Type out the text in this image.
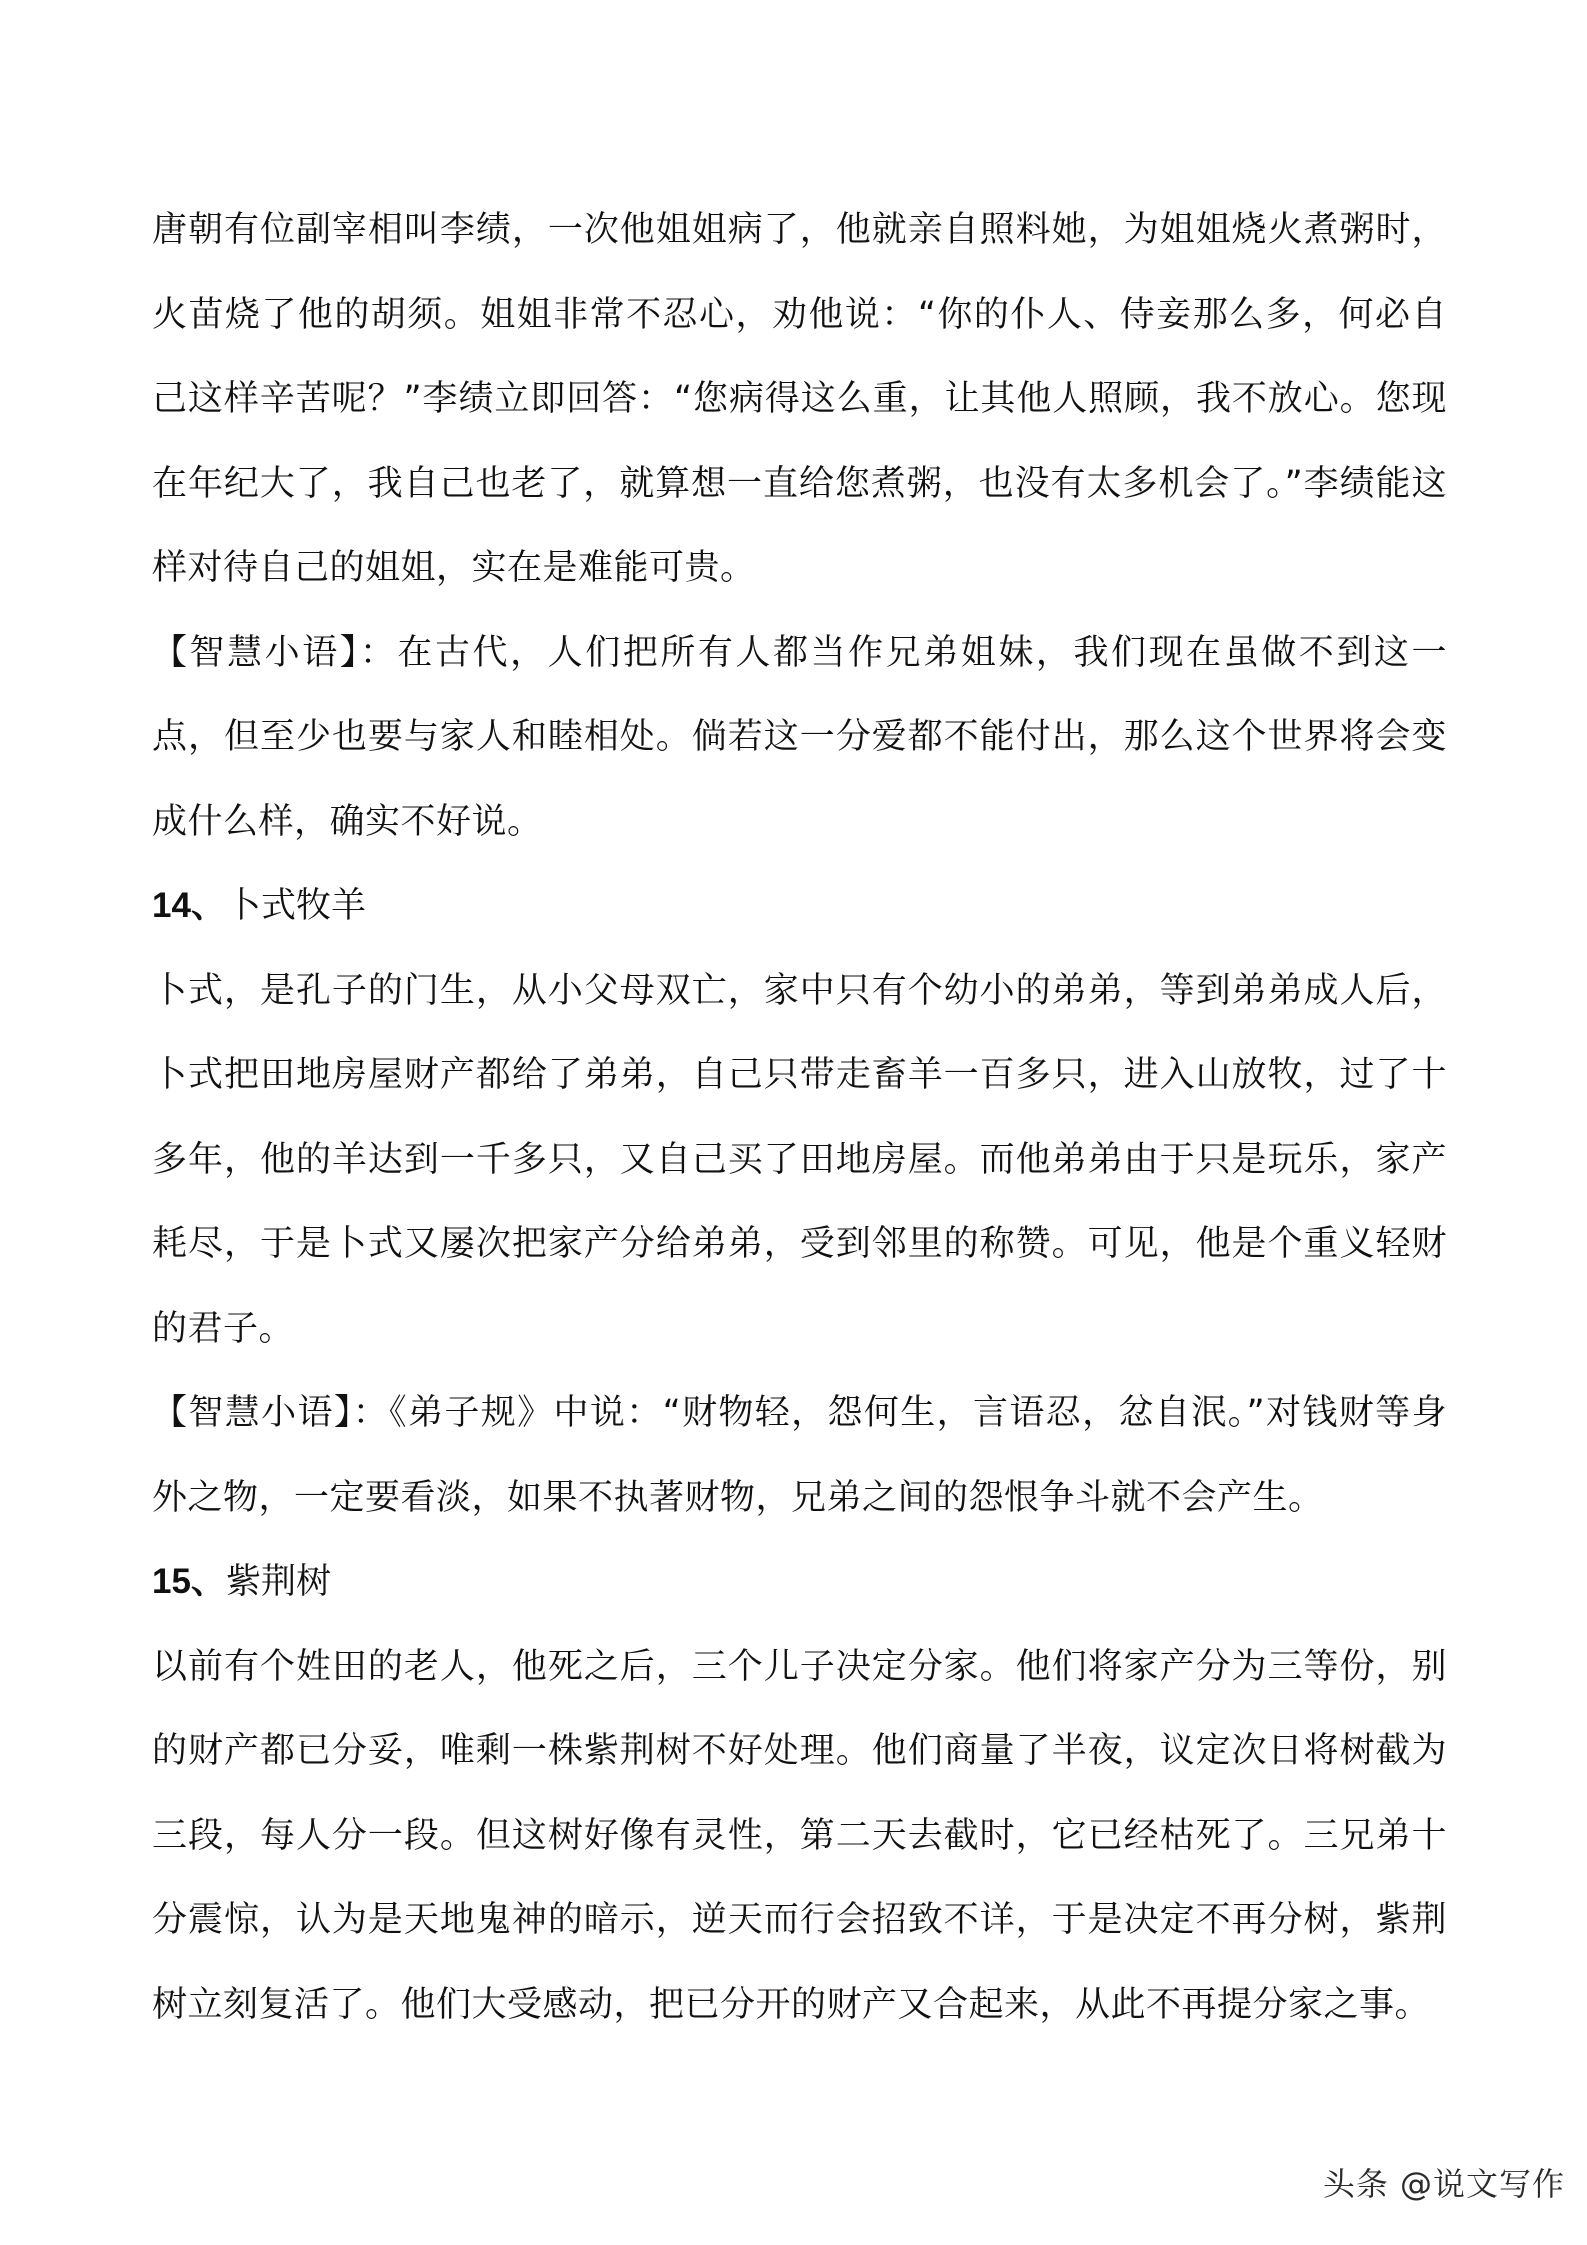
唐朝有位副宰相叫李绩，一次他姐姐病了，他就亲自照料她，为姐姐烧火煮粥时，火苗烧了他的胡须。姐姐非常不忍心，劝他说：“你的仆人、侍妾那么多，何必自己这样辛苦呢？”李绩立即回答：“您病得这么重，让其他人照顾，我不放心。您现在年纪大了，我自己也老了，就算想一直给您煮粥，也没有太多机会了。”李绩能这样对待自己的姐姐，实在是难能可贵。

【智慧小语】：在古代，人们把所有人都当作兄弟姐妹，我们现在虽做不到这一点，但至少也要与家人和睦相处。倘若这一分爱都不能付出，那么这个世界将会变成什么样，确实不好说。

14、卜式牧羊

卜式，是孔子的门生，从小父母双亡，家中只有个幼小的弟弟，等到弟弟成人后，卜式把田地房屋财产都给了弟弟，自己只带走畜羊一百多只，进入山放牧，过了十多年，他的羊达到一千多只，又自己买了田地房屋。而他弟弟由于只是玩乐，家产耗尽，于是卜式又屡次把家产分给弟弟，受到邻里的称赞。可见，他是个重义轻财的君子。

【智慧小语】：《弟子规》中说：“财物轻，怨何生，言语忍，忿自泯。”对钱财等身外之物，一定要看淡，如果不执著财物，兄弟之间的怨恨争斗就不会产生。

15、紫荆树

以前有个姓田的老人，他死之后，三个儿子决定分家。他们将家产分为三等份，别的财产都已分妥，唯剩一株紫荆树不好处理。他们商量了半夜，议定次日将树截为三段，每人分一段。但这树好像有灵性，第二天去截时，它已经枯死了。三兄弟十分震惊，认为是天地鬼神的暗示，逆天而行会招致不详，于是决定不再分树，紫荆树立刻复活了。他们大受感动，把已分开的财产又合起来，从此不再提分家之事。

头条 @说文写作
